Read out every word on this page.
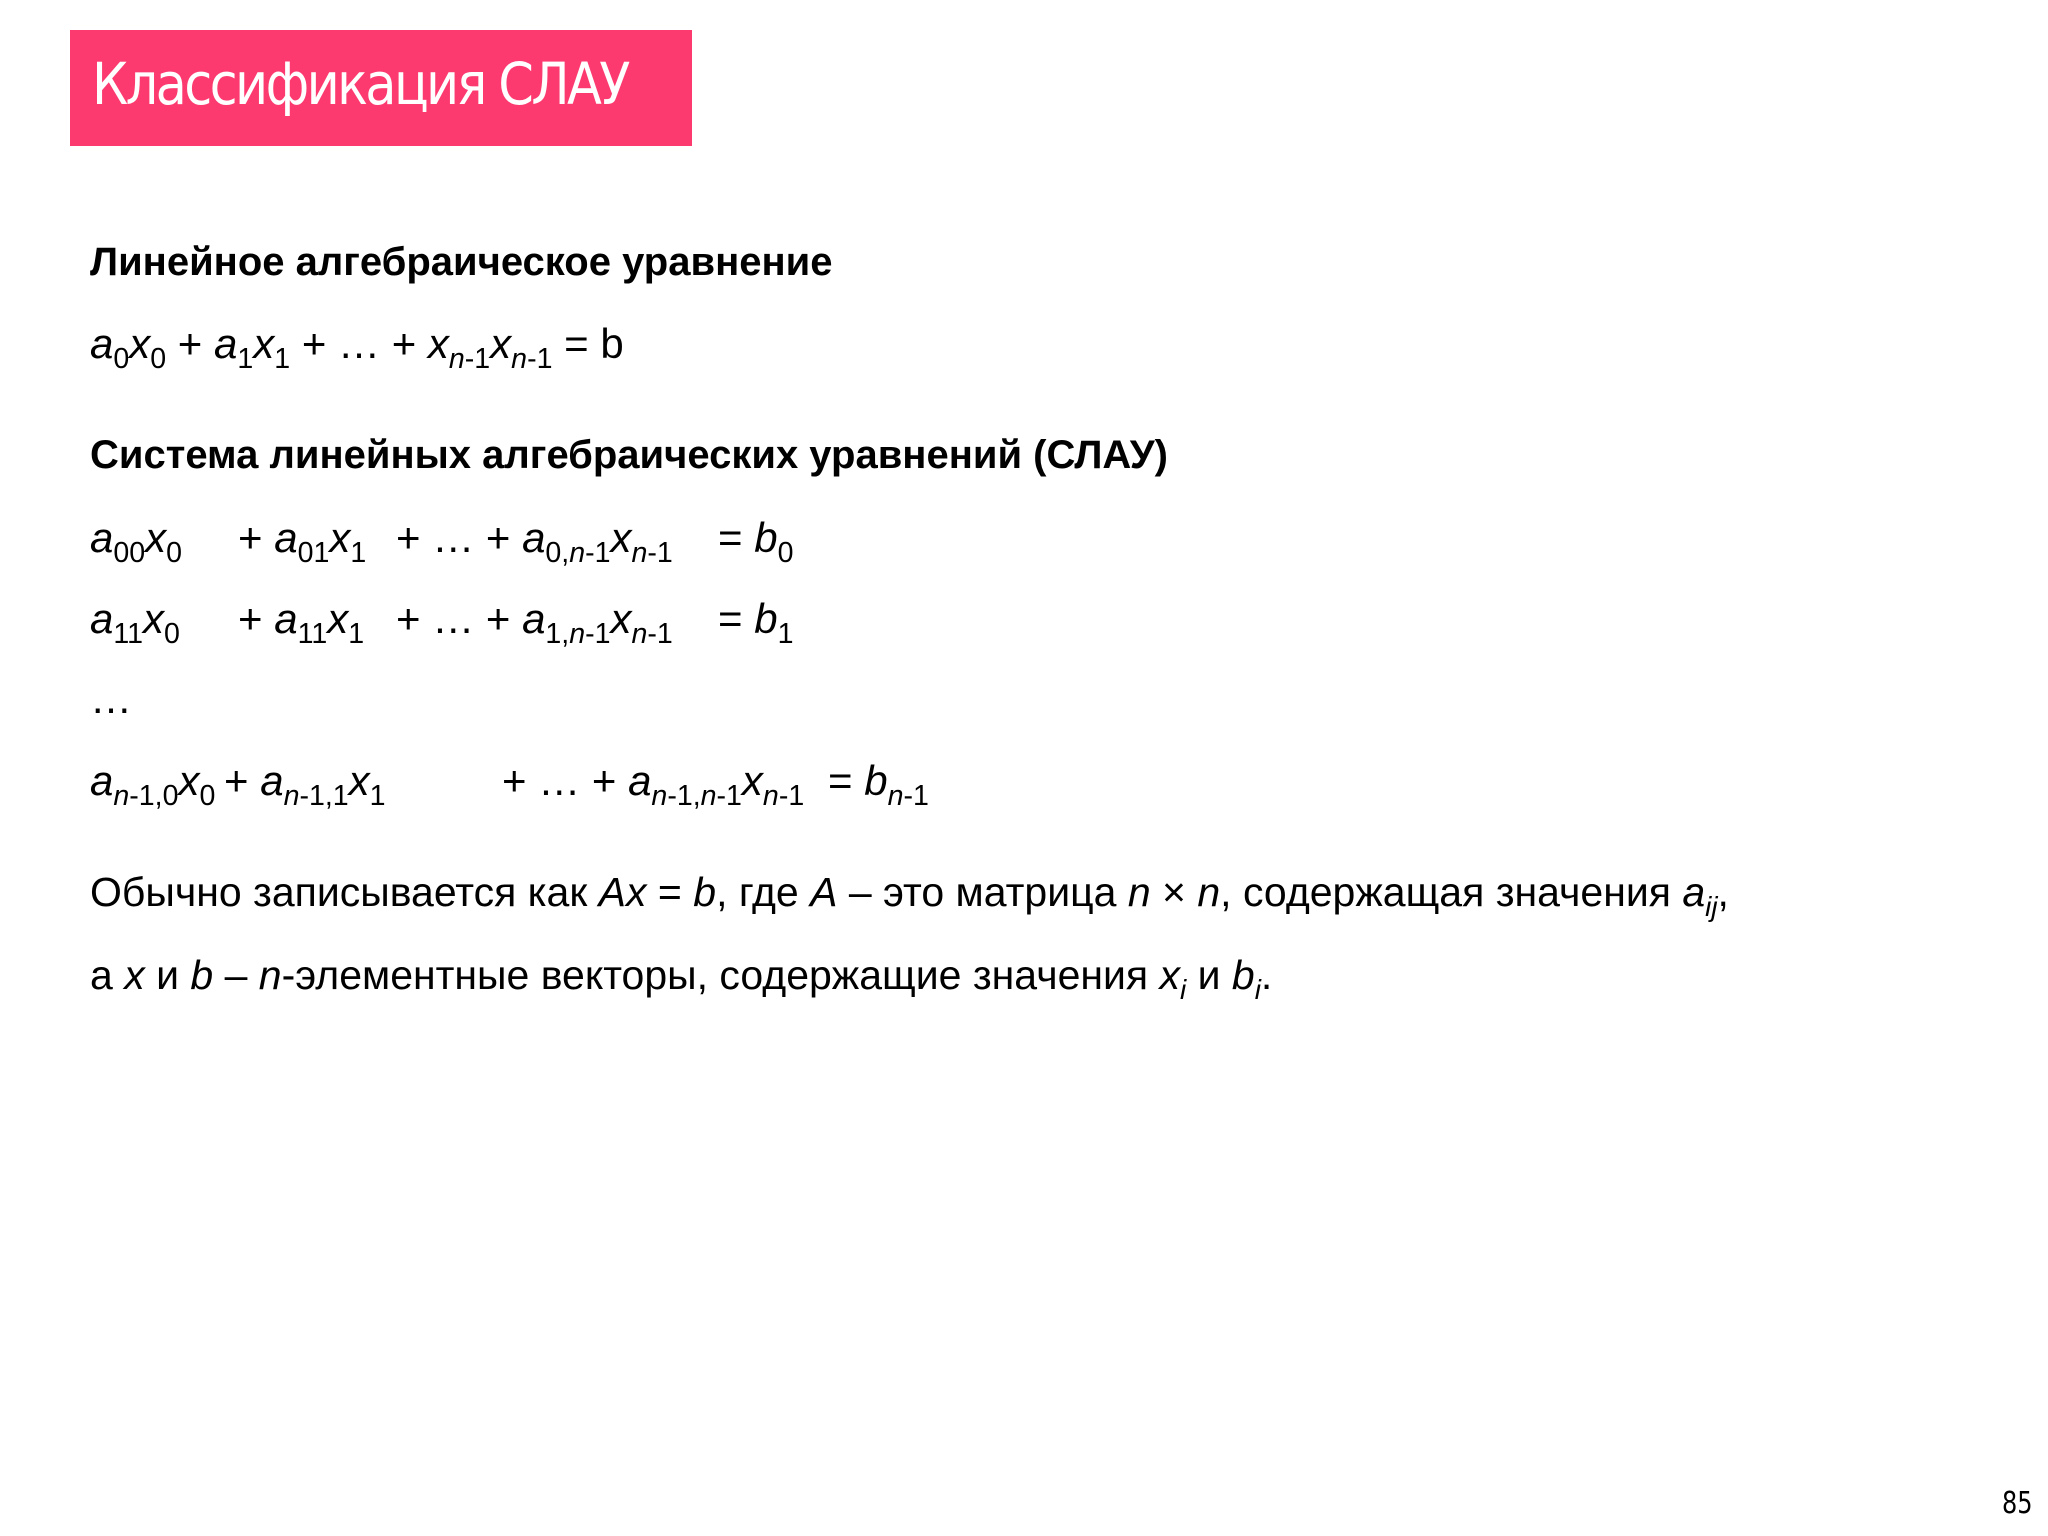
Классификация СЛАУ
Линейное алгебраическое уравнение

$a_0x_0 + a_1x_1$ + … + $x_{n-1}x_{n-1} = b$

Система линейных алгебраических уравнений (СЛАУ)
$a_{00}x_0 + a_{01}x_1$ + … + $a_{0,n-1}x_{n-1} = b_0$
$a_{11}x_0 + a_{11}x_1$ + … + $a_{1,n-1}x_{n-1} = b_1$

…

$a_{n-1,0}x_0 + a_{n-1,1}x_1$	+ … + $a_{n-1,n-1}x_{n-1} = b_{n-1}$

Обычно записывается как Ax = b, где A – это матрица n × n, содержащая значения $a_{ij}$,

а x и b – n-элементные векторы, содержащие значения $x_i$ и $b_i$.

85
